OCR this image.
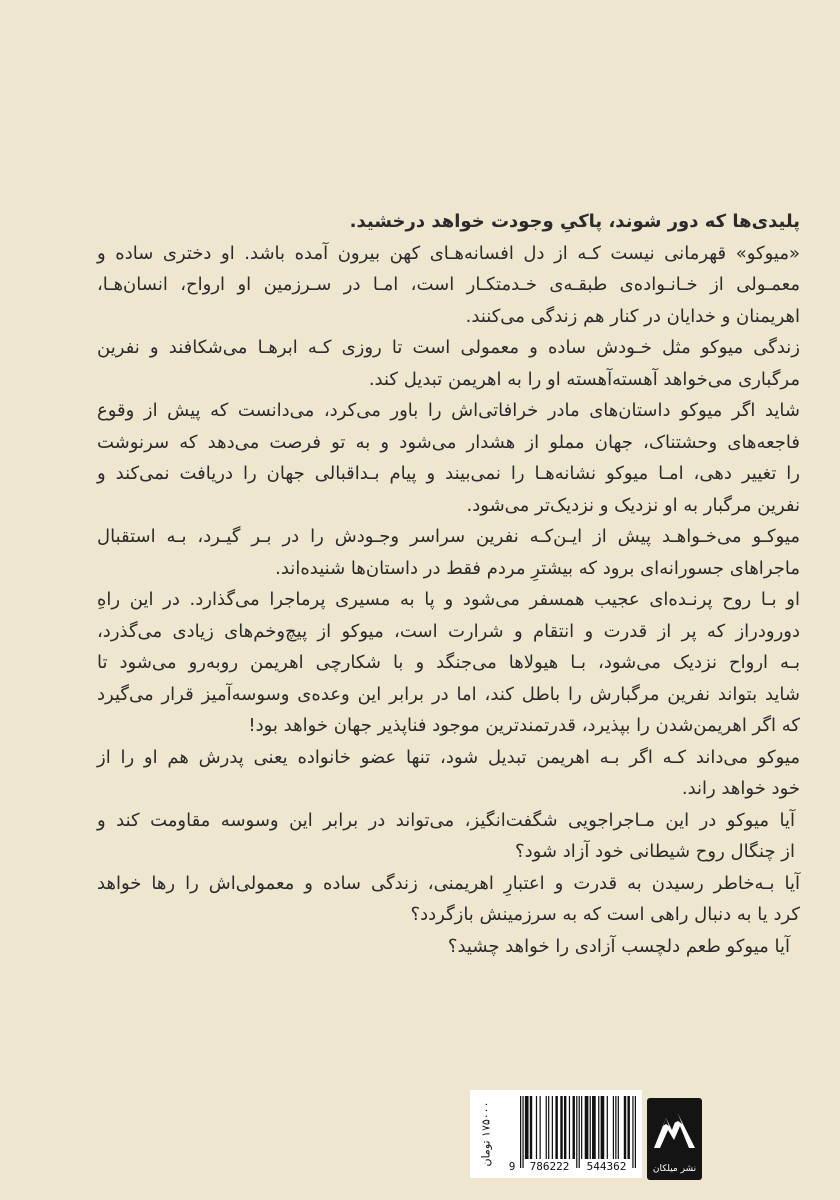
پلیدی‌ها که دور شوند، پاکیِ وجودت خواهد درخشید.
«میوکو» قهرمانی نیست کـه از دل افسانه‌هـای کهن بیرون آمده باشد. او دختری ساده و
معمـولی از خـانـواده‌ی طبقـه‌ی خـدمتکـار است، امـا در سـرزمین او ارواح، انسان‌هـا،
اهریمنان و خدایان در کنار هم زندگی می‌کنند.
زندگی میوکو مثل خـودش ساده و معمولی است تا روزی کـه ابرهـا می‌شکافند و نفرین
مرگباری می‌خواهد آهسته‌آهسته او را به اهریمن تبدیل کند.
شاید اگر میوکو داستان‌های مادر خرافاتی‌اش را باور می‌کرد، می‌دانست که پیش از وقوع
فاجعه‌های وحشتناک، جهان مملو از هشدار می‌شود و به تو فرصت می‌دهد که سرنوشت
را تغییر دهی، امـا میوکو نشانه‌هـا را نمی‌بیند و پیام بـداقبالی جهان را دریافت نمی‌کند و
نفرین مرگبار به او نزدیک و نزدیک‌تر می‌شود.
میوکـو می‌خـواهـد پیش از ایـن‌کـه نفرین سراسر وجـودش را در بـر گیـرد، بـه استقبال
ماجراهای جسورانه‌ای برود که بیشترِ مردم فقط در داستان‌ها شنیده‌اند.
او بـا روح پرنـده‌ای عجیب همسفر می‌شود و پا به مسیری پرماجرا می‌گذارد. در این راهِ
دورودراز که پر از قدرت و انتقام و شرارت است، میوکو از پیچ‌وخم‌های زیادی می‌گذرد،
بـه ارواح نزدیک می‌شود، بـا هیولاها می‌جنگد و با شکارچی اهریمن روبه‌رو می‌شود تا
شاید بتواند نفرین مرگبارش را باطل کند، اما در برابر این وعده‌ی وسوسه‌آمیز قرار می‌گیرد
که اگر اهریمن‌شدن را بپذیرد، قدرتمندترین موجود فناپذیر جهان خواهد بود!
میوکو می‌داند کـه اگر بـه اهریمن تبدیل شود، تنها عضو خانواده یعنی پدرش هم او را از
خود خواهد راند.
آیا میوکو در این مـاجراجویی شگفت‌انگیز، می‌تواند در برابر این وسوسه مقاومت کند و
از چنگال روح شیطانی خود آزاد شود؟
آیا بـه‌خاطر رسیدن به قدرت و اعتبارِ اهریمنی، زندگی ساده و معمولی‌اش را رها خواهد
کرد یا به دنبال راهی است که به سرزمینش بازگردد؟
آیا میوکو طعم دلچسب آزادی را خواهد چشید؟
۱۷۵۰۰۰ تومان
9	786222	544362	نشر میلکان
